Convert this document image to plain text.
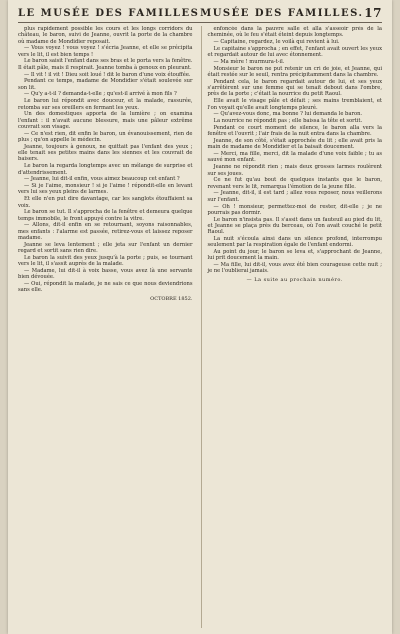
LE MUSÉE DES FAMILLES MUSÉE DES FAMILLES. 17

plus rapidement possible les cours et les longs corridors du château, le baron, suivi de Jeanne, ouvrit la porte de la chambre où madame de Mondidier reposait.

— Vous voyez ! vous voyez ! s'écria Jeanne, et elle se précipita vers le lit, il est bien temps !

Le baron saisit l'enfant dans ses bras et le porta vers la fenêtre. Il était pâle, mais il respirait. Jeanne tomba à genoux en pleurant.

— Il vit ! il vit ! Dieu soit loué ! dit le baron d'une voix étouffée.

Pendant ce temps, madame de Mondidier s'était soulevée sur son lit.

— Qu'y a-t-il ? demanda-t-elle ; qu'est-il arrivé à mon fils ?

Le baron lui répondit avec douceur, et la malade, rassurée, retomba sur ses oreillers en fermant les yeux.

Un des domestiques apporta de la lumière ; on examina l'enfant : il n'avait aucune blessure, mais une pâleur extrême couvrait son visage.

— Ce n'est rien, dit enfin le baron, un évanouissement, rien de plus ; qu'on appelle le médecin.

Jeanne, toujours à genoux, ne quittait pas l'enfant des yeux ; elle tenait ses petites mains dans les siennes et les couvrait de baisers.

Le baron la regarda longtemps avec un mélange de surprise et d'attendrissement.

— Jeanne, lui dit-il enfin, vous aimez beaucoup cet enfant ?

— Si je l'aime, monsieur ! si je l'aime ! répondit-elle en levant vers lui ses yeux pleins de larmes.

Et elle n'en put dire davantage, car les sanglots étouffaient sa voix.

Le baron se tut. Il s'approcha de la fenêtre et demeura quelque temps immobile, le front appuyé contre la vitre.

— Allons, dit-il enfin en se retournant, soyons raisonnables, mes enfants : l'alarme est passée, retirez-vous et laissez reposer madame.

Jeanne se leva lentement ; elle jeta sur l'enfant un dernier regard et sortit sans rien dire.

Le baron la suivit des yeux jusqu'à la porte ; puis, se tournant vers le lit, il s'assit auprès de la malade.

— Madame, lui dit-il à voix basse, vous avez là une servante bien dévouée.

— Oui, répondit la malade, je ne sais ce que nous deviendrions sans elle.

OCTOBRE 1852.

enfoncée dans la pauvre salle et alla s'asseoir près de la cheminée, où le feu s'était éteint depuis longtemps.

— Capitaine, regardez, le voilà qui revient à lui.

Le capitaine s'approcha ; en effet, l'enfant avait ouvert les yeux et regardait autour de lui avec étonnement.

— Ma mère ! murmura-t-il.

Monsieur le baron ne put retenir un cri de joie, et Jeanne, qui était restée sur le seuil, rentra précipitamment dans la chambre.

Pendant cela, le baron regardait autour de lui, et ses yeux s'arrêtèrent sur une femme qui se tenait debout dans l'ombre, près de la porte ; c'était la nourrice du petit Raoul.

Elle avait le visage pâle et défait ; ses mains tremblaient, et l'on voyait qu'elle avait longtemps pleuré.

— Qu'avez-vous donc, ma bonne ? lui demanda le baron.

La nourrice ne répondit pas ; elle baissa la tête et sortit.

Pendant ce court moment de silence, le baron alla vers la fenêtre et l'ouvrit ; l'air frais de la nuit entra dans la chambre.

Jeanne, de son côté, s'était approchée du lit ; elle avait pris la main de madame de Mondidier et la baisait doucement.

— Merci, ma fille, merci, dit la malade d'une voix faible ; tu as sauvé mon enfant.

Jeanne ne répondit rien ; mais deux grosses larmes roulèrent sur ses joues.

Ce ne fut qu'au bout de quelques instants que le baron, revenant vers le lit, remarqua l'émotion de la jeune fille.

— Jeanne, dit-il, il est tard ; allez vous reposer, nous veillerons sur l'enfant.

— Oh ! monsieur, permettez-moi de rester, dit-elle ; je ne pourrais pas dormir.

Le baron n'insista pas. Il s'assit dans un fauteuil au pied du lit, et Jeanne se plaça près du berceau, où l'on avait couché le petit Raoul.

La nuit s'écoula ainsi dans un silence profond, interrompu seulement par la respiration égale de l'enfant endormi.

Au point du jour, le baron se leva et, s'approchant de Jeanne, lui prit doucement la main.

— Ma fille, lui dit-il, vous avez été bien courageuse cette nuit ; je ne l'oublierai jamais.

— La suite au prochain numéro.
